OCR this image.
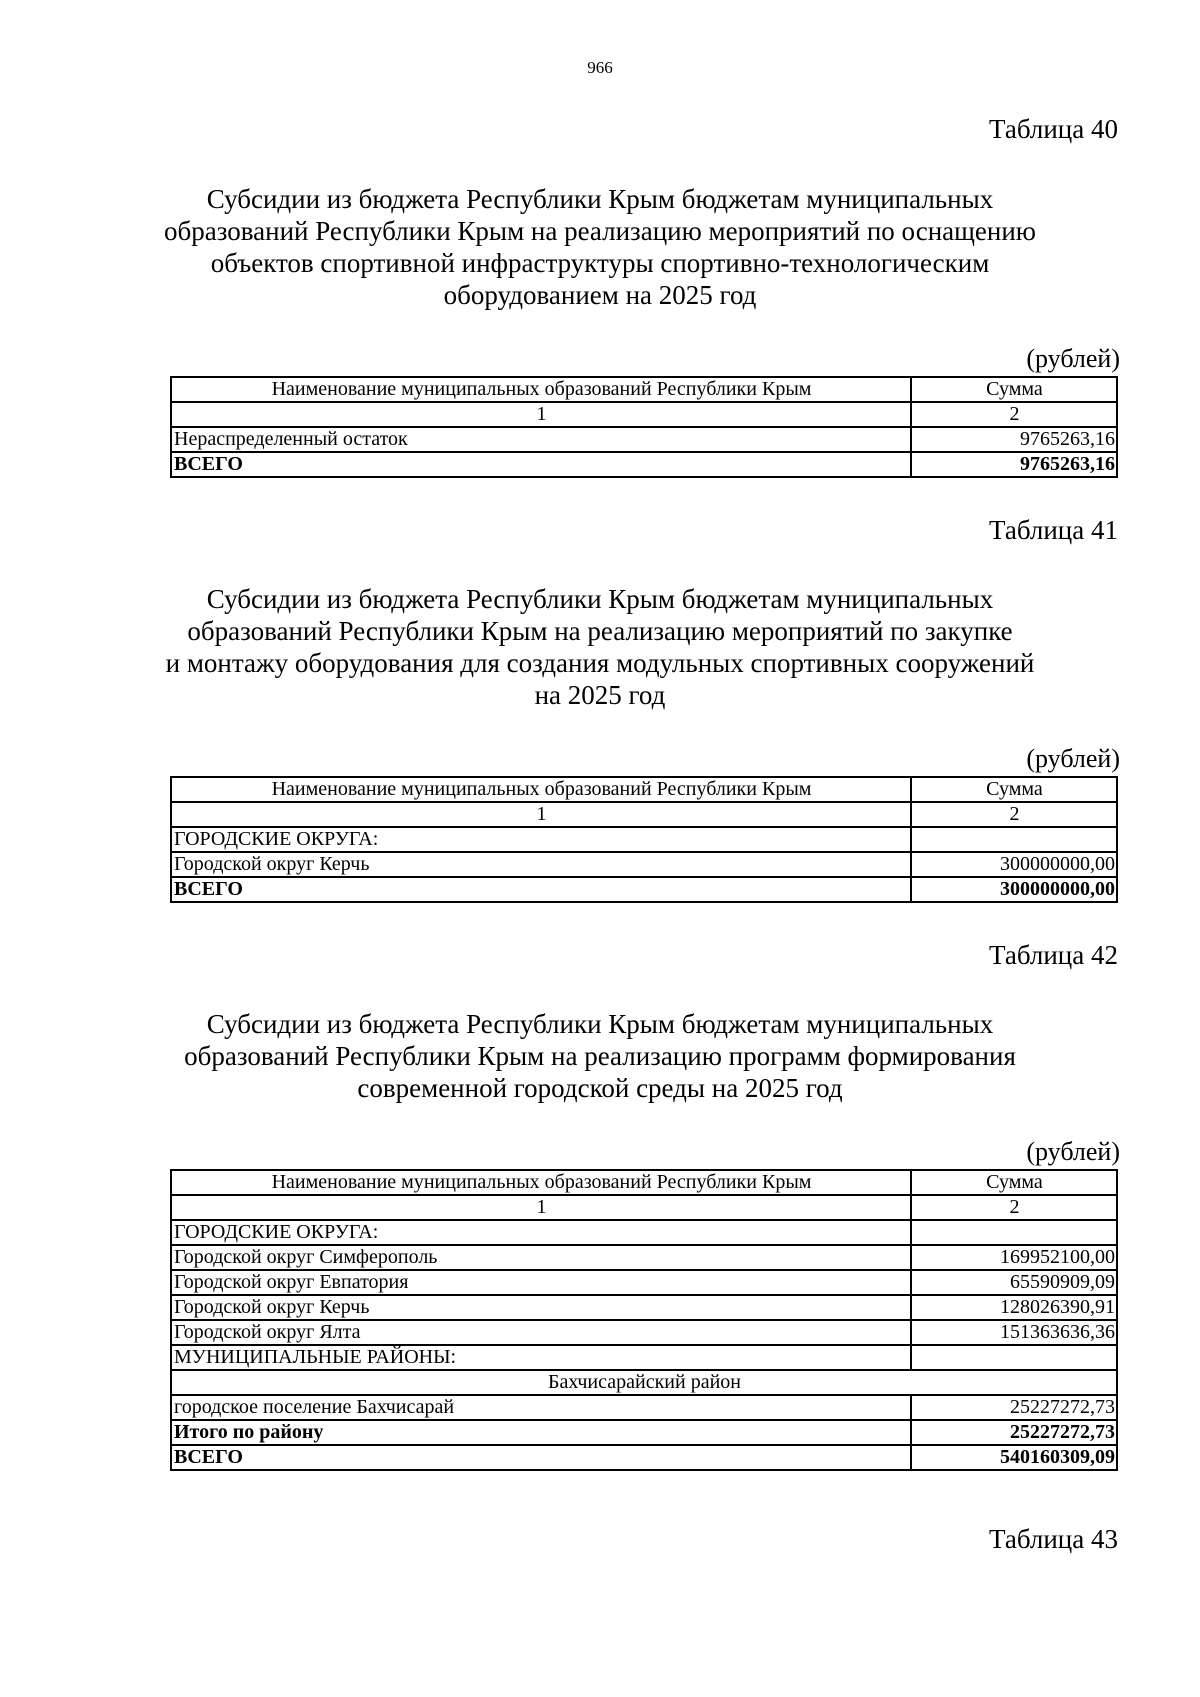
966
Таблица 40
Субсидии из бюджета Республики Крым бюджетам муниципальных
образований Республики Крым на реализацию мероприятий по оснащению
объектов спортивной инфраструктуры спортивно-технологическим
оборудованием на 2025 год
(рублей)
Наименование муниципальных образований Республики Крым	Сумма
1	2
Нераспределенный остаток	9765263,16
ВСЕГО	9765263,16
Таблица 41
Субсидии из бюджета Республики Крым бюджетам муниципальных
образований Республики Крым на реализацию мероприятий по закупке
и монтажу оборудования для создания модульных спортивных сооружений
на 2025 год
(рублей)
Наименование муниципальных образований Республики Крым	Сумма
1	2
ГОРОДСКИЕ ОКРУГА:	
Городской округ Керчь	300000000,00
ВСЕГО	300000000,00
Таблица 42
Субсидии из бюджета Республики Крым бюджетам муниципальных
образований Республики Крым на реализацию программ формирования
современной городской среды на 2025 год
(рублей)
Наименование муниципальных образований Республики Крым	Сумма
1	2
ГОРОДСКИЕ ОКРУГА:	
Городской округ Симферополь	169952100,00
Городской округ Евпатория	65590909,09
Городской округ Керчь	128026390,91
Городской округ Ялта	151363636,36
МУНИЦИПАЛЬНЫЕ РАЙОНЫ:	
Бахчисарайский район	
городское поселение Бахчисарай	25227272,73
Итого по району	25227272,73
ВСЕГО	540160309,09
Таблица 43
